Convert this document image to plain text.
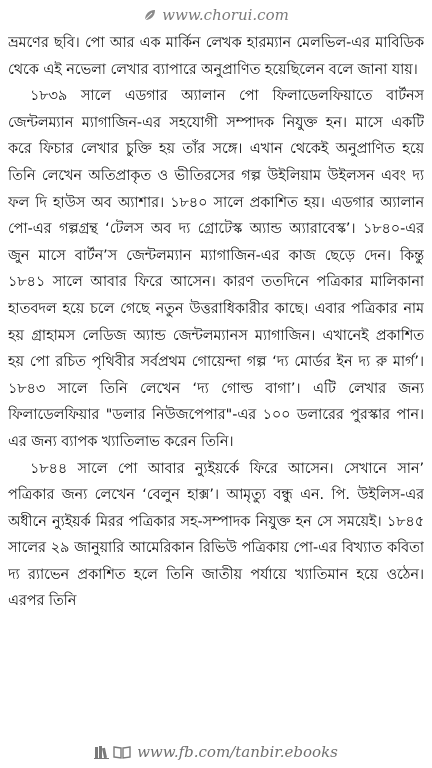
www.chorui.com

ভ্রমণের ছবি। পো আর এক মার্কিন লেখক হারম্যান মেলভিল-এর মাবিডিক থেকে এই নভেলা লেখার ব্যাপারে অনুপ্রাণিত হয়েছিলেন বলে জানা যায়।

১৮৩৯ সালে এডগার অ্যালান পো ফিলাডেলফিয়াতে বার্টনস জেন্টলম্যান ম্যাগাজিন-এর সহযোগী সম্পাদক নিযুক্ত হন। মাসে একটি করে ফিচার লেখার চুক্তি হয় তাঁর সঙ্গে। এখান থেকেই অনুপ্রাণিত হয়ে তিনি লেখেন অতিপ্রাকৃত ও ভীতিরসের গল্প উইলিয়াম উইলসন এবং দ্য ফল দি হাউস অব অ্যাশার। ১৮৪০ সালে প্রকাশিত হয়। এডগার অ্যালান পো-এর গল্পগ্রন্থ ‘টেলস অব দ্য গ্রোটেস্ক অ্যান্ড অ্যারাবেস্ক’। ১৮৪০-এর জুন মাসে বার্টন’স জেন্টলম্যান ম্যাগাজিন-এর কাজ ছেড়ে দেন। কিন্তু ১৮৪১ সালে আবার ফিরে আসেন। কারণ ততদিনে পত্রিকার মালিকানা হাতবদল হয়ে চলে গেছে নতুন উত্তরাধিকারীর কাছে। এবার পত্রিকার নাম হয় গ্রাহামস লেডিজ অ্যান্ড জেন্টলম্যানস ম্যাগাজিন। এখানেই প্রকাশিত হয় পো রচিত পৃথিবীর সর্বপ্রথম গোয়েন্দা গল্প ‘দ্য মোর্ডর ইন দ্য রু মার্গ’। ১৮৪৩ সালে তিনি লেখেন ‘দ্য গোল্ড বাগা’। এটি লেখার জন্য ফিলাডেলফিয়ার "ডলার নিউজপেপার"-এর ১০০ ডলারের পুরস্কার পান। এর জন্য ব্যাপক খ্যাতিলাভ করেন তিনি।

১৮৪৪ সালে পো আবার ন্যুইয়র্কে ফিরে আসেন। সেখানে সান’ পত্রিকার জন্য লেখেন ‘বেলুন হাক্স’। আমৃত্যু বন্ধু এন. পি. উইলিস-এর অধীনে ন্যুইয়র্ক মিরর পত্রিকার সহ-সম্পাদক নিযুক্ত হন সে সময়েই। ১৮৪৫ সালের ২৯ জানুয়ারি আমেরিকান রিভিউ পত্রিকায় পো-এর বিখ্যাত কবিতা দ্য র‍্যাভেন প্রকাশিত হলে তিনি জাতীয় পর্যায়ে খ্যাতিমান হয়ে ওঠেন। এরপর তিনি

www.fb.com/tanbir.ebooks
